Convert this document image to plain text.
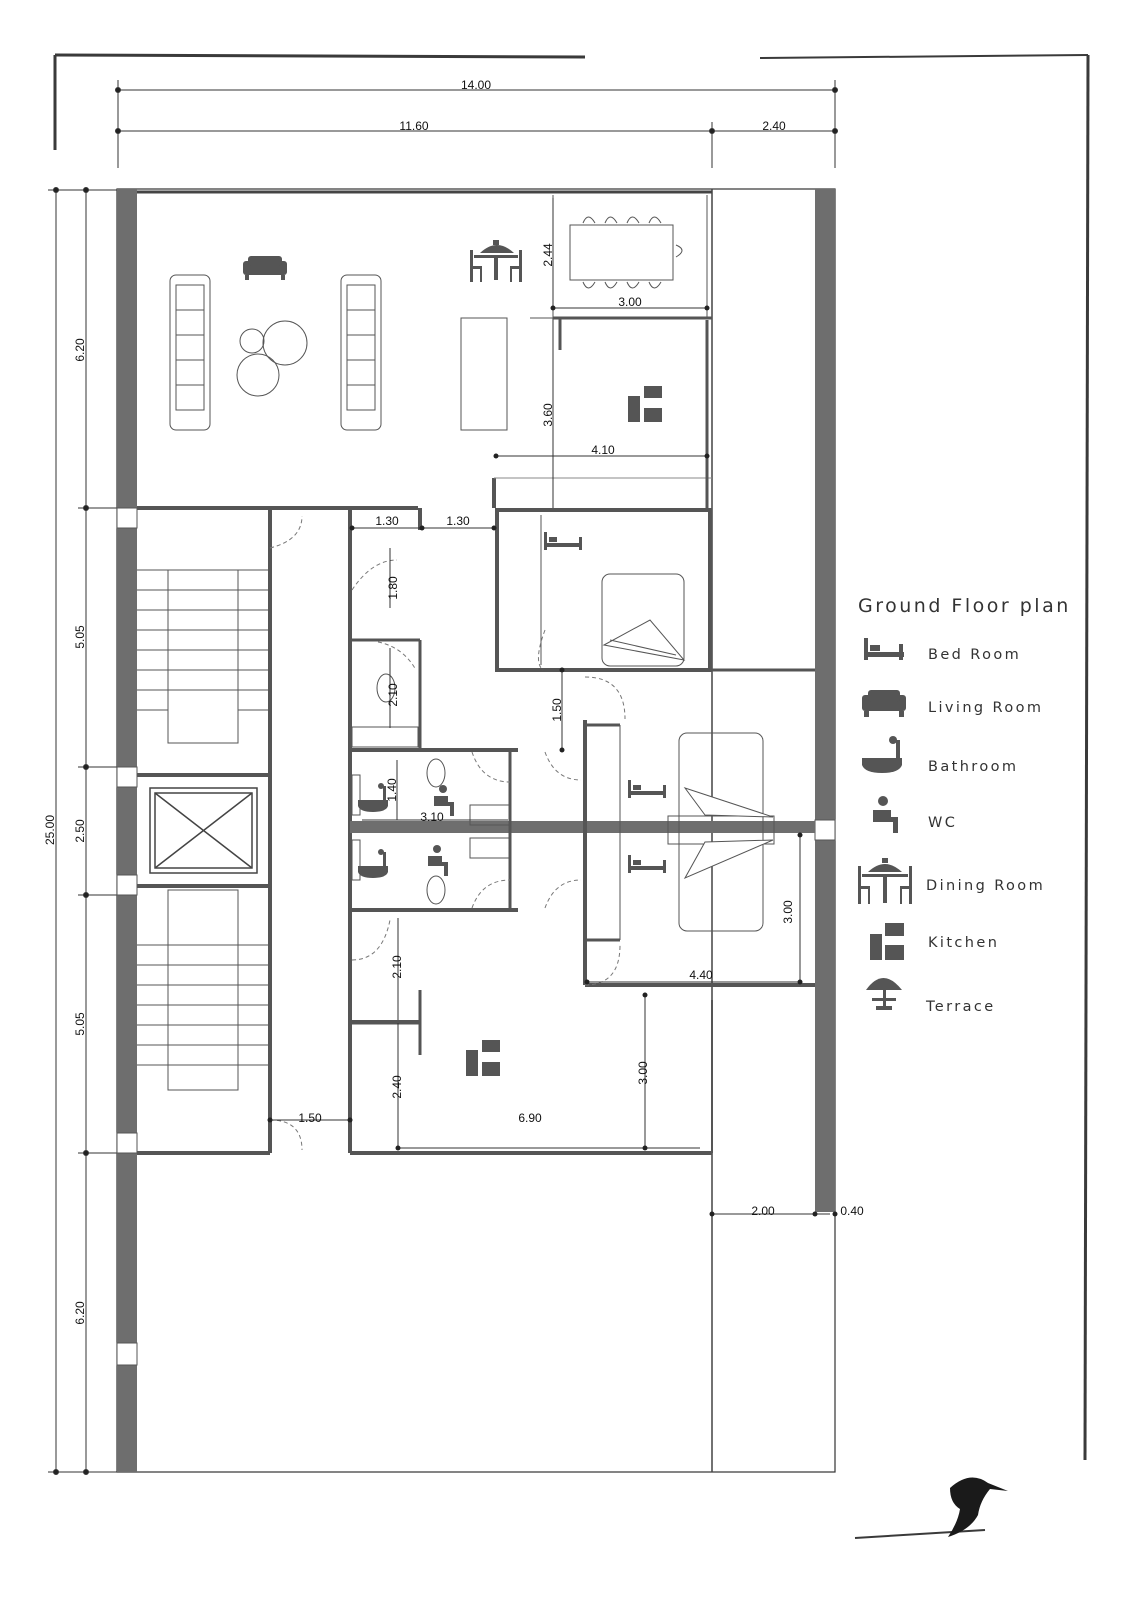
14.00
11.60	2.40
25.00
6.20
5.05
2.50
5.05
6.20
2.44
3.00
3.60
4.10
1.30	1.30
1.80
2.10
1.50
1.40
3.10
3.00
4.40
2.10
2.40
3.00
6.90
1.50
2.00	0.40
Ground Floor plan
Bed Room
Living Room
Bathroom
WC
Dining Room
Kitchen
Terrace
